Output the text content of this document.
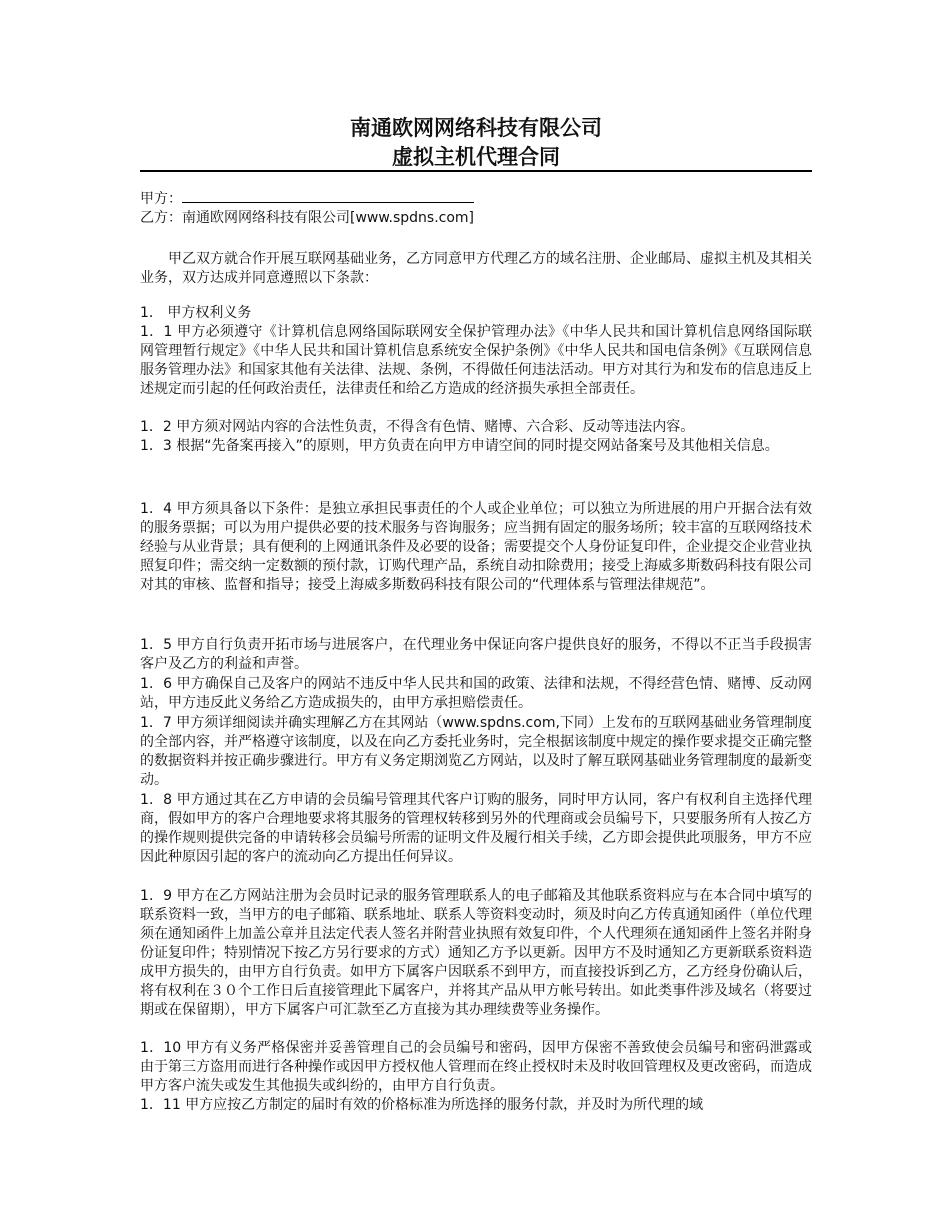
南通欧网网络科技有限公司
虚拟主机代理合同
甲方：
乙方：南通欧网网络科技有限公司[www.spdns.com]

甲乙双方就合作开展互联网基础业务，乙方同意甲方代理乙方的域名注册、企业邮局、虚拟主机及其相关业务，双方达成并同意遵照以下条款：

1． 甲方权利义务

1．1 甲方必须遵守《计算机信息网络国际联网安全保护管理办法》《中华人民共和国计算机信息网络国际联网管理暂行规定》《中华人民共和国计算机信息系统安全保护条例》《中华人民共和国电信条例》《互联网信息服务管理办法》和国家其他有关法律、法规、条例，不得做任何违法活动。甲方对其行为和发布的信息违反上述规定而引起的任何政治责任，法律责任和给乙方造成的经济损失承担全部责任。

1．2 甲方须对网站内容的合法性负责，不得含有色情、赌博、六合彩、反动等违法内容。

1．3 根据“先备案再接入”的原则，甲方负责在向甲方申请空间的同时提交网站备案号及其他相关信息。

1．4 甲方须具备以下条件：是独立承担民事责任的个人或企业单位；可以独立为所进展的用户开据合法有效的服务票据；可以为用户提供必要的技术服务与咨询服务；应当拥有固定的服务场所；较丰富的互联网络技术经验与从业背景；具有便利的上网通讯条件及必要的设备；需要提交个人身份证复印件，企业提交企业营业执照复印件；需交纳一定数额的预付款，订购代理产品，系统自动扣除费用；接受上海威多斯数码科技有限公司对其的审核、监督和指导；接受上海威多斯数码科技有限公司的“代理体系与管理法律规范”。

1．5 甲方自行负责开拓市场与进展客户，在代理业务中保证向客户提供良好的服务，不得以不正当手段损害客户及乙方的利益和声誉。

1．6 甲方确保自己及客户的网站不违反中华人民共和国的政策、法律和法规，不得经营色情、赌博、反动网站，甲方违反此义务给乙方造成损失的，由甲方承担赔偿责任。

1．7 甲方须详细阅读并确实理解乙方在其网站（www.spdns.com,下同）上发布的互联网基础业务管理制度的全部内容，并严格遵守该制度，以及在向乙方委托业务时，完全根据该制度中规定的操作要求提交正确完整的数据资料并按正确步骤进行。甲方有义务定期浏览乙方网站，以及时了解互联网基础业务管理制度的最新变动。

1．8 甲方通过其在乙方申请的会员编号管理其代客户订购的服务，同时甲方认同，客户有权利自主选择代理商，假如甲方的客户合理地要求将其服务的管理权转移到另外的代理商或会员编号下，只要服务所有人按乙方的操作规则提供完备的申请转移会员编号所需的证明文件及履行相关手续，乙方即会提供此项服务，甲方不应因此种原因引起的客户的流动向乙方提出任何异议。

1．9 甲方在乙方网站注册为会员时记录的服务管理联系人的电子邮箱及其他联系资料应与在本合同中填写的联系资料一致，当甲方的电子邮箱、联系地址、联系人等资料变动时，须及时向乙方传真通知函件（单位代理须在通知函件上加盖公章并且法定代表人签名并附营业执照有效复印件，个人代理须在通知函件上签名并附身份证复印件；特别情况下按乙方另行要求的方式）通知乙方予以更新。因甲方不及时通知乙方更新联系资料造成甲方损失的，由甲方自行负责。如甲方下属客户因联系不到甲方，而直接投诉到乙方，乙方经身份确认后，将有权利在３０个工作日后直接管理此下属客户，并将其产品从甲方帐号转出。如此类事件涉及域名（将要过期或在保留期），甲方下属客户可汇款至乙方直接为其办理续费等业务操作。

1．10 甲方有义务严格保密并妥善管理自己的会员编号和密码，因甲方保密不善致使会员编号和密码泄露或由于第三方盗用而进行各种操作或因甲方授权他人管理而在终止授权时未及时收回管理权及更改密码，而造成甲方客户流失或发生其他损失或纠纷的，由甲方自行负责。

1．11 甲方应按乙方制定的届时有效的价格标准为所选择的服务付款，并及时为所代理的域
